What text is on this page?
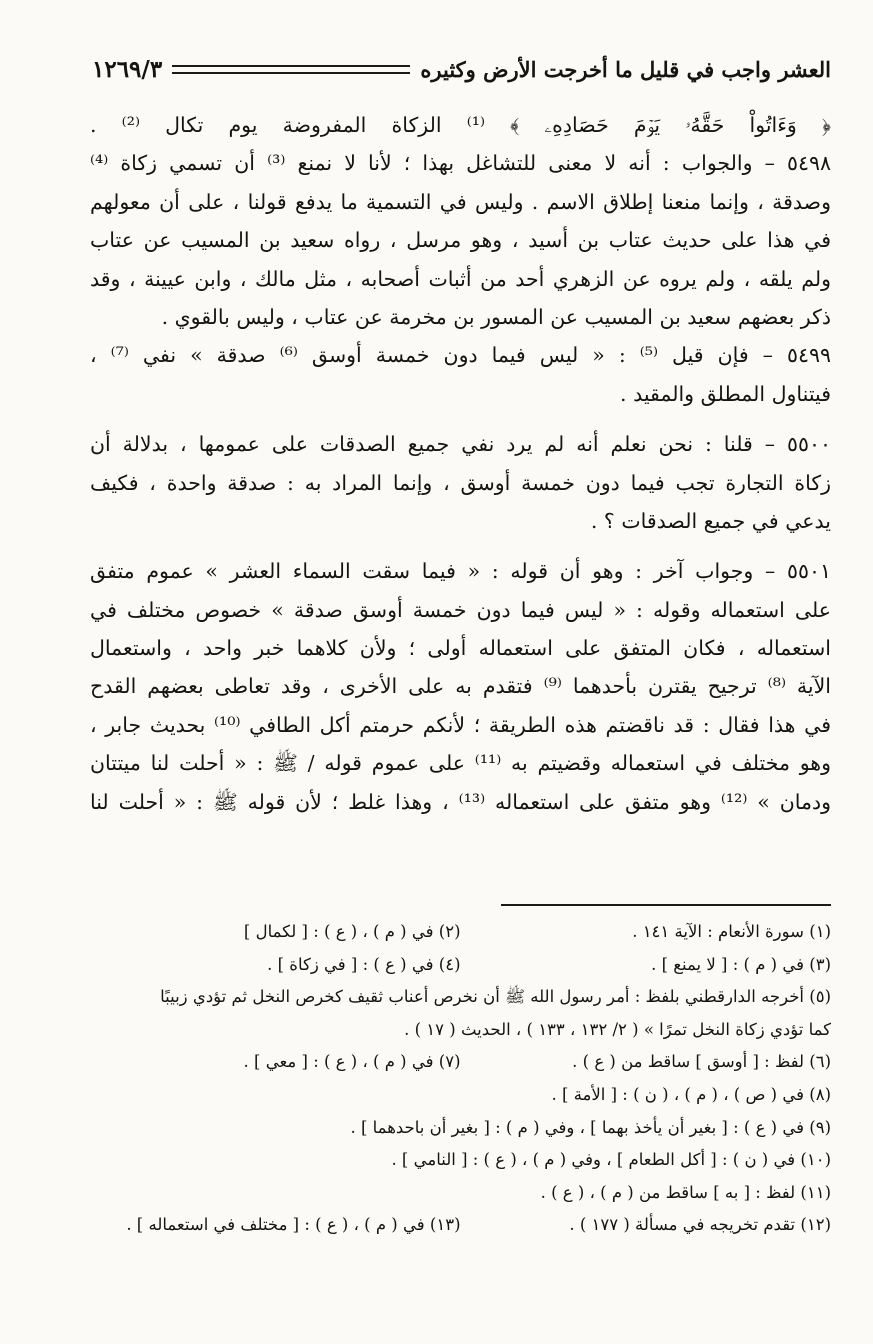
العشر واجب في قليل ما أخرجت الأرض وكثيره
١٢٦٩/٣
﴿ وَءَاتُواْ حَقَّهُۥ يَوۡمَ حَصَادِهِۦ ﴾ ⁽¹⁾ الزكاة المفروضة يوم تكال ⁽²⁾ .
٥٤٩٨ – والجواب : أنه لا معنى للتشاغل بهذا ؛ لأنا لا نمنع ⁽³⁾ أن تسمي زكاة ⁽⁴⁾
وصدقة ، وإنما منعنا إطلاق الاسم . وليس في التسمية ما يدفع قولنا ، على أن معولهم
في هذا على حديث عتاب بن أسيد ، وهو مرسل ، رواه سعيد بن المسيب عن عتاب
ولم يلقه ، ولم يروه عن الزهري أحد من أثبات أصحابه ، مثل مالك ، وابن عيينة ، وقد
ذكر بعضهم سعيد بن المسيب عن المسور بن مخرمة عن عتاب ، وليس بالقوي .
٥٤٩٩ – فإن قيل ⁽⁵⁾ : « ليس فيما دون خمسة أوسق ⁽⁶⁾ صدقة » نفي ⁽⁷⁾ ،
فيتناول المطلق والمقيد .
٥٥٠٠ – قلنا : نحن نعلم أنه لم يرد نفي جميع الصدقات على عمومها ، بدلالة أن
زكاة التجارة تجب فيما دون خمسة أوسق ، وإنما المراد به : صدقة واحدة ، فكيف
يدعي في جميع الصدقات ؟ .
٥٥٠١ – وجواب آخر : وهو أن قوله : « فيما سقت السماء العشر » عموم متفق
على استعماله وقوله : « ليس فيما دون خمسة أوسق صدقة » خصوص مختلف في
استعماله ، فكان المتفق على استعماله أولى ؛ ولأن كلاهما خبر واحد ، واستعمال
الآية ⁽⁸⁾ ترجيح يقترن بأحدهما ⁽⁹⁾ فتقدم به على الأخرى ، وقد تعاطى بعضهم القدح
في هذا فقال : قد ناقضتم هذه الطريقة ؛ لأنكم حرمتم أكل الطافي ⁽¹⁰⁾ بحديث جابر ،
وهو مختلف في استعماله وقضيتم به ⁽¹¹⁾ على عموم قوله / ﷺ : « أحلت لنا ميتتان
ودمان » ⁽¹²⁾ وهو متفق على استعماله ⁽¹³⁾ ، وهذا غلط ؛ لأن قوله ﷺ : « أحلت لنا
(١) سورة الأنعام : الآية ١٤١ .
(٢) في ( م ) ، ( ع ) : [ لكمال ]
(٣) في ( م ) : [ لا يمنع ] .
(٤) في ( ع ) : [ في زكاة ] .
(٥) أخرجه الدارقطني بلفظ : أمر رسول الله ﷺ أن نخرص أعناب ثقيف كخرص النخل ثم تؤدي زبيبًا
كما تؤدي زكاة النخل تمرًا » ( ٢/ ١٣٢ ، ١٣٣ ) ، الحديث ( ١٧ ) .
(٦) لفظ : [ أوسق ] ساقط من ( ع ) .
(٧) في ( م ) ، ( ع ) : [ معي ] .
(٨) في ( ص ) ، ( م ) ، ( ن ) : [ الأمة ] .
(٩) في ( ع ) : [ بغير أن يأخذ بهما ] ، وفي ( م ) : [ بغير أن باحدهما ] .
(١٠) في ( ن ) : [ أكل الطعام ] ، وفي ( م ) ، ( ع ) : [ النامي ] .
(١١) لفظ : [ به ] ساقط من ( م ) ، ( ع ) .
(١٢) تقدم تخريجه في مسألة ( ١٧٧ ) .
(١٣) في ( م ) ، ( ع ) : [ مختلف في استعماله ] .
